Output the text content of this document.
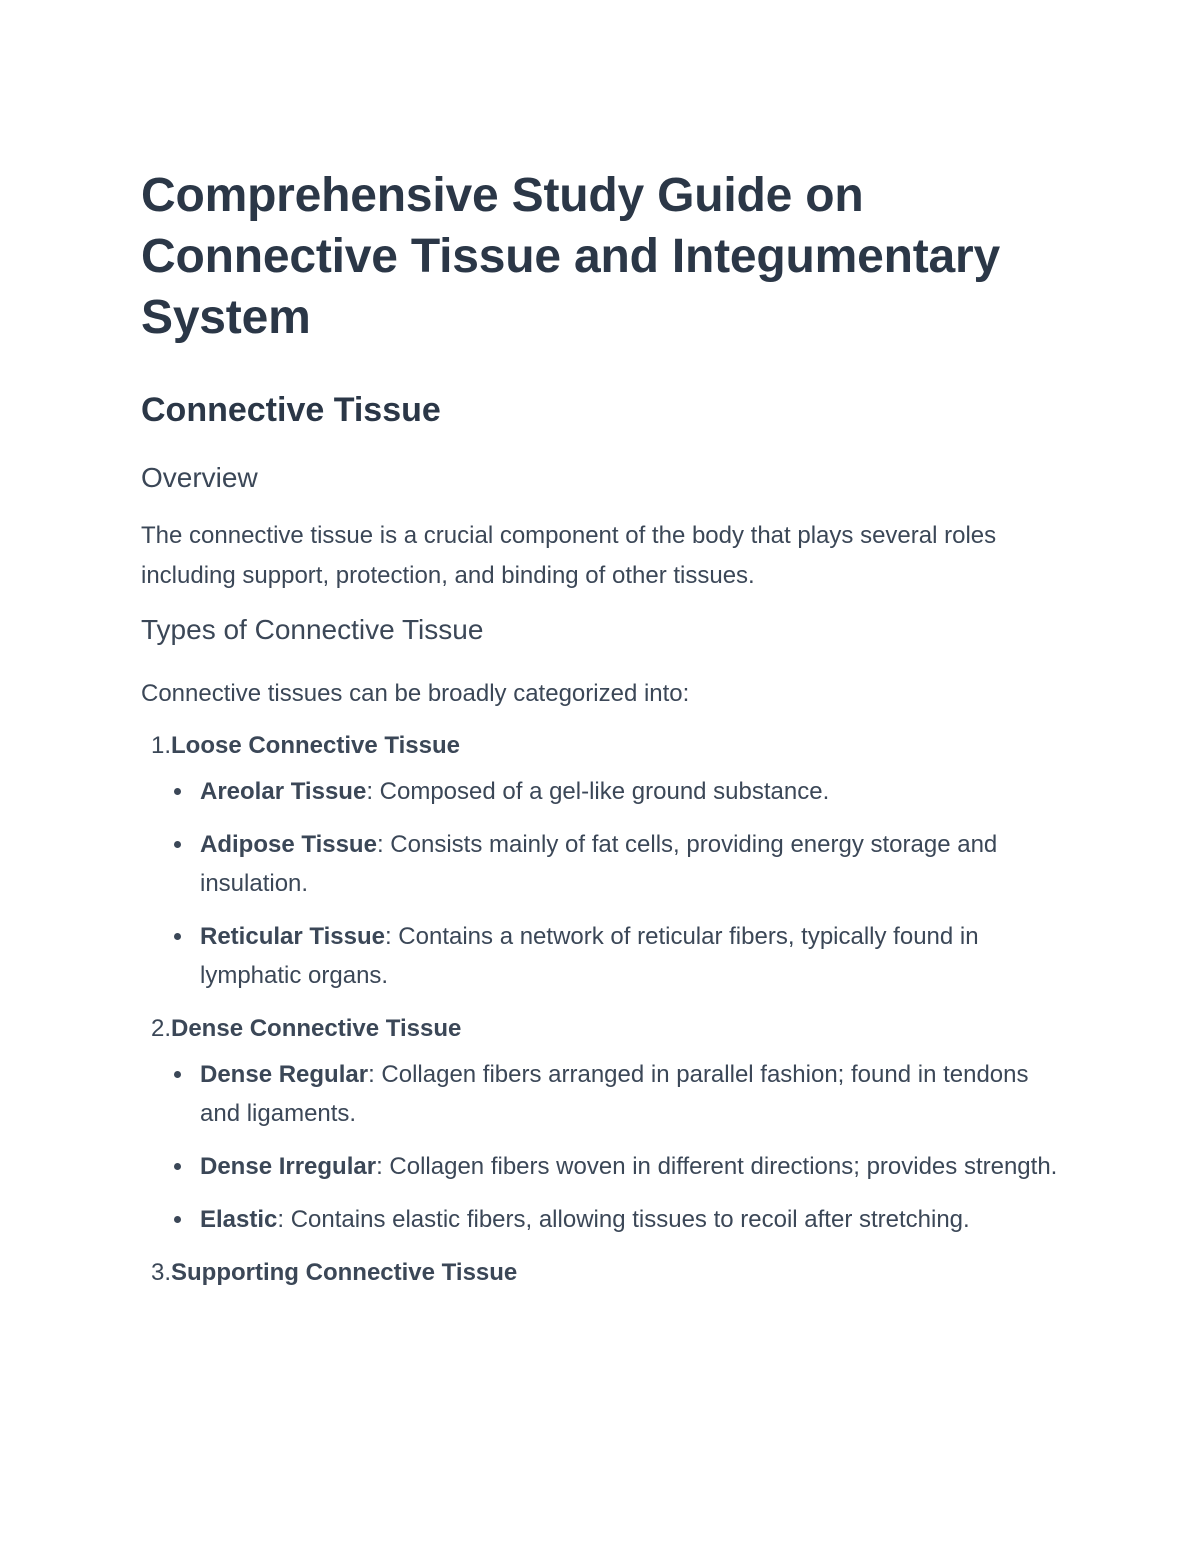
Comprehensive Study Guide on Connective Tissue and Integumentary System
Connective Tissue
Overview

The connective tissue is a crucial component of the body that plays several roles including support, protection, and binding of other tissues.

Types of Connective Tissue

Connective tissues can be broadly categorized into:

1. Loose Connective Tissue
Areolar Tissue: Composed of a gel-like ground substance.
Adipose Tissue: Consists mainly of fat cells, providing energy storage and insulation.
Reticular Tissue: Contains a network of reticular fibers, typically found in lymphatic organs.
2. Dense Connective Tissue
Dense Regular: Collagen fibers arranged in parallel fashion; found in tendons and ligaments.
Dense Irregular: Collagen fibers woven in different directions; provides strength.
Elastic: Contains elastic fibers, allowing tissues to recoil after stretching.
3. Supporting Connective Tissue
